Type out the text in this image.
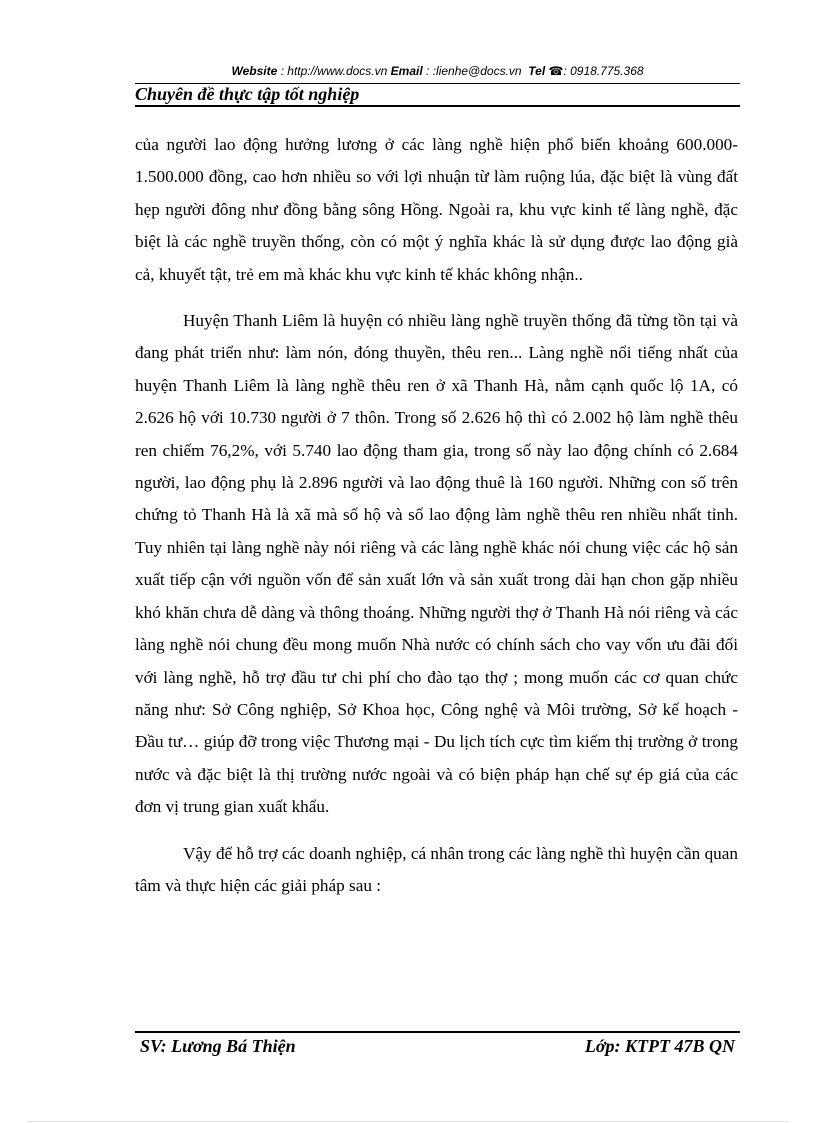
Website : http://www.docs.vn Email : :lienhe@docs.vn Tel ☎: 0918.775.368
Chuyên đề thực tập tốt nghiệp

của người lao động hưởng lương ở các làng nghề hiện phổ biến khoảng 600.000-1.500.000 đồng, cao hơn nhiều so với lợi nhuận từ làm ruộng lúa, đặc biệt là vùng đất hẹp người đông như đồng bằng sông Hồng. Ngoài ra, khu vực kinh tế làng nghề, đặc biệt là các nghề truyền thống, còn có một ý nghĩa khác là sử dụng được lao động già cả, khuyết tật, trẻ em mà khác khu vực kinh tế khác không nhận..

Huyện Thanh Liêm là huyện có nhiều làng nghề truyền thống đã từng tồn tại và đang phát triển như: làm nón, đóng thuyền, thêu ren... Làng nghề nổi tiếng nhất của huyện Thanh Liêm là làng nghề thêu ren ở xã Thanh Hà, nằm cạnh quốc lộ 1A, có 2.626 hộ với 10.730 người ở 7 thôn. Trong số 2.626 hộ thì có 2.002 hộ làm nghề thêu ren chiếm 76,2%, với 5.740 lao động tham gia, trong số này lao động chính có 2.684 người, lao động phụ là 2.896 người và lao động thuê là 160 người. Những con số trên chứng tỏ Thanh Hà là xã mà số hộ và số lao động làm nghề thêu ren nhiều nhất tỉnh. Tuy nhiên tại làng nghề này nói riêng và các làng nghề khác nói chung việc các hộ sản xuất tiếp cận với nguồn vốn để sản xuất lớn và sản xuất trong dài hạn chon gặp nhiều khó khăn chưa dễ dàng và thông thoáng. Những người thợ ở Thanh Hà nói riêng và các làng nghề nói chung đều mong muốn Nhà nước có chính sách cho vay vốn ưu đãi đối với làng nghề, hỗ trợ đầu tư chi phí cho đào tạo thợ ; mong muốn các cơ quan chức năng như: Sở Công nghiệp, Sở Khoa học, Công nghệ và Môi trường, Sở kế hoạch - Đầu tư… giúp đỡ trong việc Thương mại - Du lịch tích cực tìm kiếm thị trường ở trong nước và đặc biệt là thị trường nước ngoài và có biện pháp hạn chế sự ép giá của các đơn vị trung gian xuất khẩu.

Vậy để hỗ trợ các doanh nghiệp, cá nhân trong các làng nghề thì huyện cần quan tâm và thực hiện các giải pháp sau :

SV: Lương Bá Thiện	Lớp: KTPT 47B QN
